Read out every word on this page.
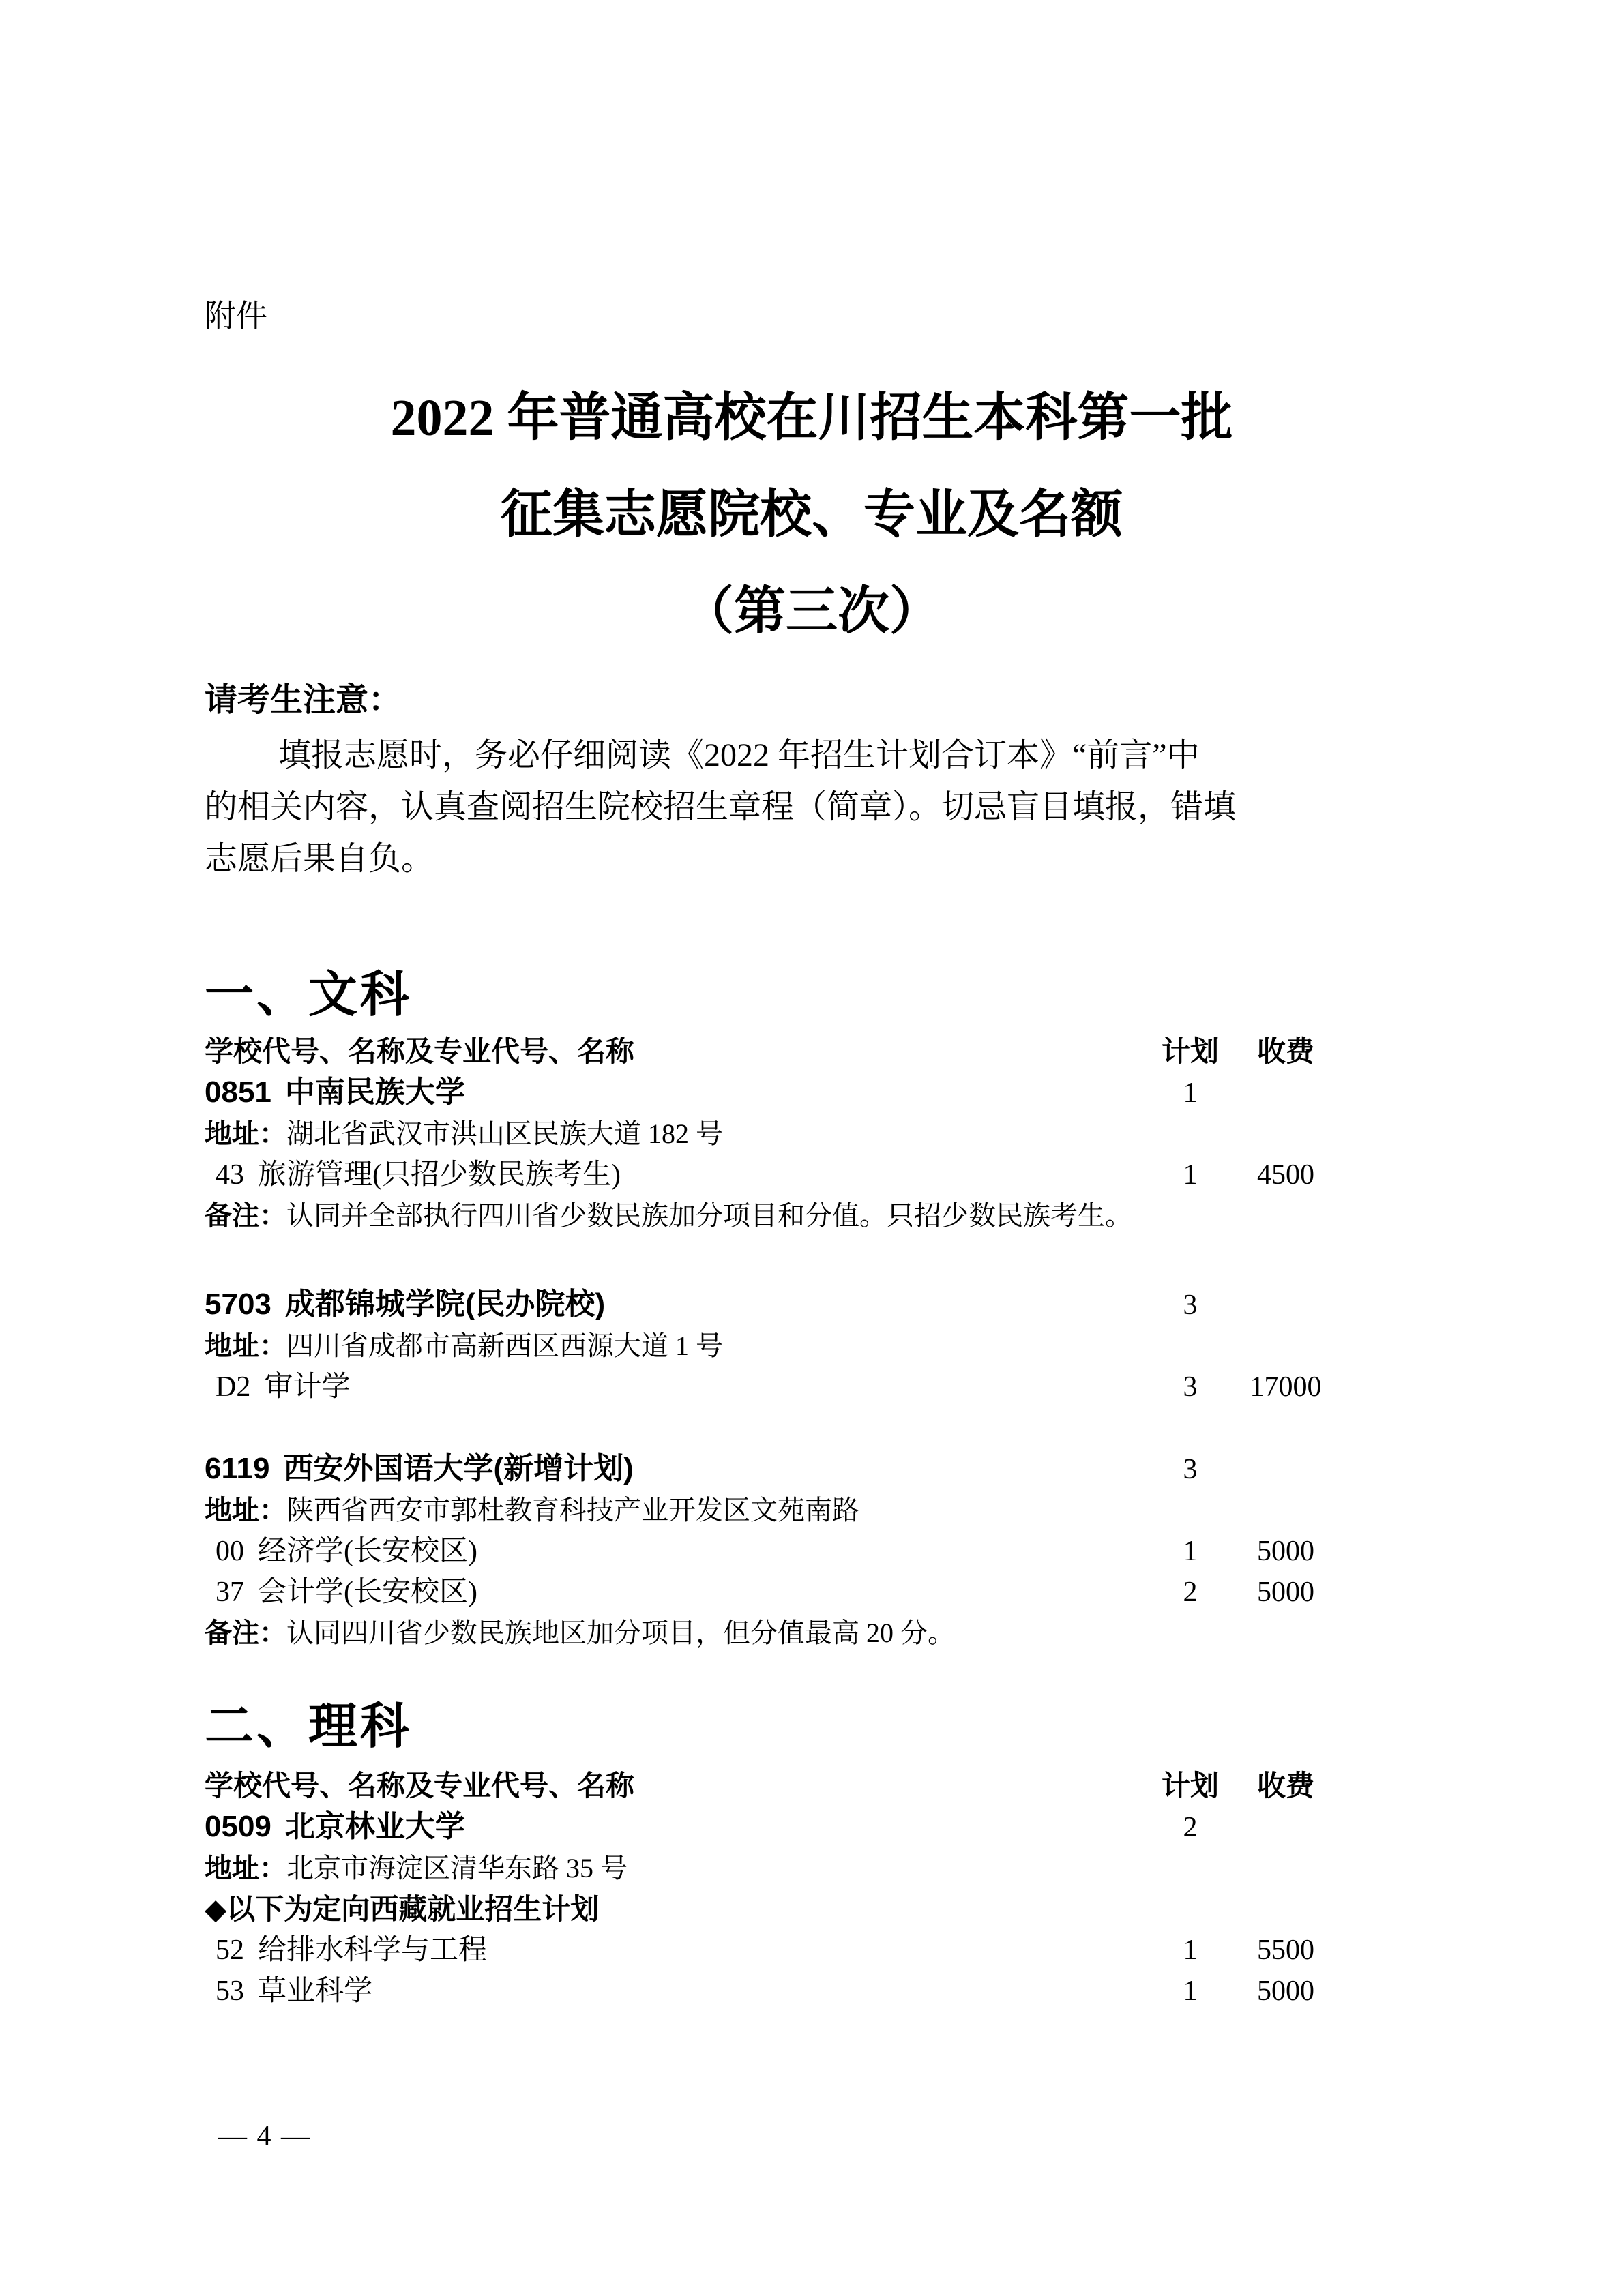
附件
2022 年普通高校在川招生本科第一批
征集志愿院校、专业及名额
（第三次）
请考生注意：

填报志愿时，务必仔细阅读《2022 年招生计划合订本》“前言”中

的相关内容，认真查阅招生院校招生章程（简章）。切忌盲目填报，错填

志愿后果自负。

一、文科
学校代号、名称及专业代号、名称	计划	收费
0851 中南民族大学	1
地址：湖北省武汉市洪山区民族大道 182 号
43 旅游管理(只招少数民族考生)	1	4500
备注：认同并全部执行四川省少数民族加分项目和分值。只招少数民族考生。
5703 成都锦城学院(民办院校)	3
地址：四川省成都市高新西区西源大道 1 号
D2 审计学	3	17000
6119 西安外国语大学(新增计划)	3
地址：陕西省西安市郭杜教育科技产业开发区文苑南路
00 经济学(长安校区)	1	5000
37 会计学(长安校区)	2	5000
备注：认同四川省少数民族地区加分项目，但分值最高 20 分。
二、理科
学校代号、名称及专业代号、名称	计划	收费
0509 北京林业大学	2
地址：北京市海淀区清华东路 35 号
◆以下为定向西藏就业招生计划
52 给排水科学与工程	1	5500
53 草业科学	1	5000
— 4 —
